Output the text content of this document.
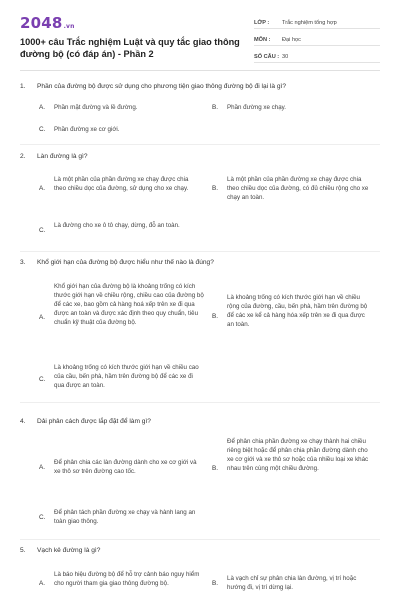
2048.vn
1000+ câu Trắc nghiệm Luật và quy tắc giao thông đường bộ (có đáp án) - Phần 2
LỚP :	Trắc nghiệm tổng hợp
MÔN :	Đại học
SỐ CÂU : 30
1. Phần của đường bộ được sử dụng cho phương tiện giao thông đường bộ đi lại là gì?
A. Phần mặt đường và lề đường.	B. Phần đường xe chạy.
C. Phần đường xe cơ giới.
2. Làn đường là gì?
A.
Là một phần của phần đường xe chạy được chia theo chiều dọc của đường, sử dụng cho xe chạy.	B.
Là một phần của phần đường xe chạy được chia theo chiều dọc của đường, có đủ chiều rộng cho xe chạy an toàn.
C.
Là đường cho xe ô tô chạy, dừng, đỗ an toàn.
3. Khổ giới hạn của đường bộ được hiểu như thế nào là đúng?
A.
Khổ giới hạn của đường bộ là khoảng trống có kích thước giới hạn về chiều rộng, chiều cao của đường bộ để các xe, bao gồm cả hàng hoá xếp trên xe đi qua được an toàn và được xác định theo quy chuẩn, tiêu chuẩn kỹ thuật của đường bộ.
B.
Là khoảng trống có kích thước giới hạn về chiều rộng của đường, cầu, bến phà, hầm trên đường bộ để các xe kể cả hàng hóa xếp trên xe đi qua được an toàn.
C.
Là khoảng trống có kích thước giới hạn về chiều cao của cầu, bến phà, hầm trên đường bộ để các xe đi qua được an toàn.
4. Dải phân cách được lắp đặt để làm gì?
A.
Để phân chia các làn đường dành cho xe cơ giới và xe thô sơ trên đường cao tốc.	B.
Để phân chia phần đường xe chạy thành hai chiều riêng biệt hoặc để phân chia phần đường dành cho xe cơ giới và xe thô sơ hoặc của nhiều loại xe khác nhau trên cùng một chiều đường.
C.
Để phân tách phần đường xe chạy và hành lang an toàn giao thông.
5. Vạch kẻ đường là gì?
A.
Là báo hiệu đường bộ để hỗ trợ cảnh báo nguy hiểm cho người tham gia giao thông đường bộ.	B.
Là vạch chỉ sự phân chia làn đường, vị trí hoặc hướng đi, vị trí dừng lại.
